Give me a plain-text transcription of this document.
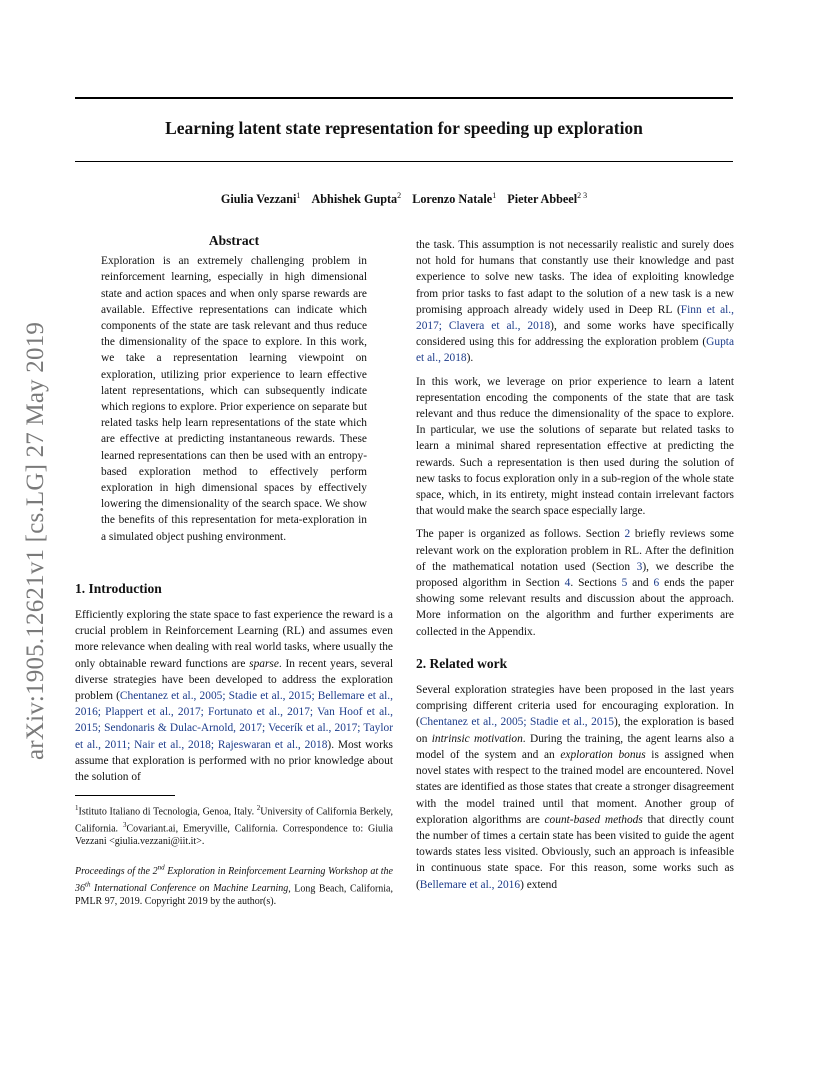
Learning latent state representation for speeding up exploration
Giulia Vezzani$^1$ Abhishek Gupta$^2$ Lorenzo Natale$^1$ Pieter Abbeel$^{2 3}$
arXiv:1905.12621v1 [cs.LG] 27 May 2019
Abstract

Exploration is an extremely challenging problem in reinforcement learning, especially in high dimensional state and action spaces and when only sparse rewards are available. Effective representations can indicate which components of the state are task relevant and thus reduce the dimensionality of the space to explore. In this work, we take a representation learning viewpoint on exploration, utilizing prior experience to learn effective latent representations, which can subsequently indicate which regions to explore. Prior experience on separate but related tasks help learn representations of the state which are effective at predicting instantaneous rewards. These learned representations can then be used with an entropy-based exploration method to effectively perform exploration in high dimensional spaces by effectively lowering the dimensionality of the search space. We show the benefits of this representation for meta-exploration in a simulated object pushing environment.

1. Introduction

Efficiently exploring the state space to fast experience the reward is a crucial problem in Reinforcement Learning (RL) and assumes even more relevance when dealing with real world tasks, where usually the only obtainable reward functions are sparse. In recent years, several diverse strategies have been developed to address the exploration problem (Chentanez et al., 2005; Stadie et al., 2015; Bellemare et al., 2016; Plappert et al., 2017; Fortunato et al., 2017; Van Hoof et al., 2015; Sendonaris & Dulac-Arnold, 2017; Vecerík et al., 2017; Taylor et al., 2011; Nair et al., 2018; Rajeswaran et al., 2018). Most works assume that exploration is performed with no prior knowledge about the solution of

$^1$Istituto Italiano di Tecnologia, Genoa, Italy. $^2$University of California Berkely, California. $^3$Covariant.ai, Emeryville, California. Correspondence to: Giulia Vezzani <giulia.vezzani@iit.it>.

Proceedings of the 2nd Exploration in Reinforcement Learning Workshop at the 36th International Conference on Machine Learning, Long Beach, California, PMLR 97, 2019. Copyright 2019 by the author(s).

the task. This assumption is not necessarily realistic and surely does not hold for humans that constantly use their knowledge and past experience to solve new tasks. The idea of exploiting knowledge from prior tasks to fast adapt to the solution of a new task is a new promising approach already widely used in Deep RL (Finn et al., 2017; Clavera et al., 2018), and some works have specifically considered using this for addressing the exploration problem (Gupta et al., 2018).

In this work, we leverage on prior experience to learn a latent representation encoding the components of the state that are task relevant and thus reduce the dimensionality of the space to explore. In particular, we use the solutions of separate but related tasks to learn a minimal shared representation effective at predicting the rewards. Such a representation is then used during the solution of new tasks to focus exploration only in a sub-region of the whole state space, which, in its entirety, might instead contain irrelevant factors that would make the search space especially large.

The paper is organized as follows. Section 2 briefly reviews some relevant work on the exploration problem in RL. After the definition of the mathematical notation used (Section 3), we describe the proposed algorithm in Section 4. Sections 5 and 6 ends the paper showing some relevant results and discussion about the approach. More information on the algorithm and further experiments are collected in the Appendix.

2. Related work

Several exploration strategies have been proposed in the last years comprising different criteria used for encouraging exploration. In (Chentanez et al., 2005; Stadie et al., 2015), the exploration is based on intrinsic motivation. During the training, the agent learns also a model of the system and an exploration bonus is assigned when novel states with respect to the trained model are encountered. Novel states are identified as those states that create a stronger disagreement with the model trained until that moment. Another group of exploration algorithms are count-based methods that directly count the number of times a certain state has been visited to guide the agent towards states less visited. Obviously, such an approach is infeasible in continuous state space. For this reason, some works such as (Bellemare et al., 2016) extend
